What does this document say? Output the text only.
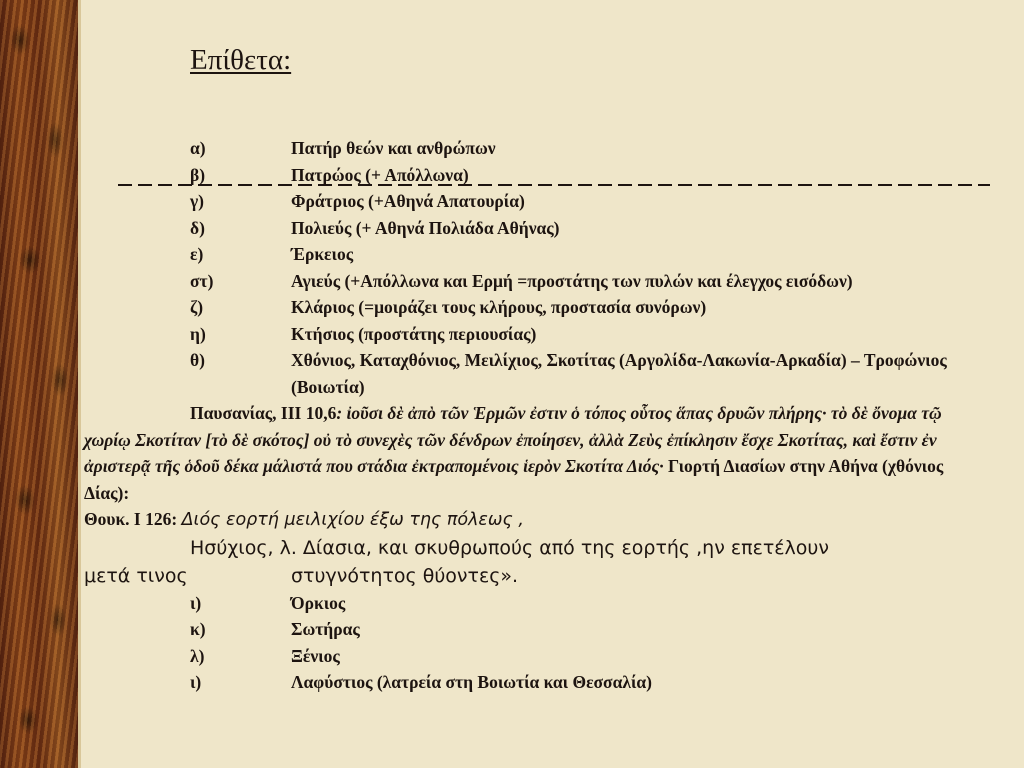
Επίθετα:
α)	Πατήρ θεών και ανθρώπων
β)	Πατρώος (+ Απόλλωνα)
γ)	Φράτριος (+Αθηνά Απατουρία)
δ)	Πολιεύς (+ Αθηνά Πολιάδα Αθήνας)
ε)	Έρκειος
στ)	Αγιεύς (+Απόλλωνα και Ερμή =προστάτης των πυλών και έλεγχος εισόδων)
ζ)	Κλάριος (=μοιράζει τους κλήρους, προστασία συνόρων)
η)	Κτήσιος (προστάτης περιουσίας)
θ)	Χθόνιος, Καταχθόνιος, Μειλίχιος, Σκοτίτας (Αργολίδα-Λακωνία-Αρκαδία) – Τροφώνιος (Βοιωτία)
Παυσανίας, ΙΙΙ 10,6: ἰοῦσι δὲ ἀπὸ τῶν Ἑρμῶν ἐστιν ὁ τόπος οὗτος ἅπας δρυῶν πλήρης· τὸ δὲ ὄνομα τῷ χωρίῳ Σκοτίταν [τὸ δὲ σκότος] οὐ τὸ συνεχὲς τῶν δένδρων ἐποίησεν, ἀλλὰ Ζεὺς ἐπίκλησιν ἔσχε Σκοτίτας, καὶ ἔστιν ἐν ἀριστερᾷ τῆς ὁδοῦ δέκα μάλιστά που στάδια ἐκτραπομένοις ἱερὸν Σκοτίτα Διός· Γιορτή Διασίων στην Αθήνα (χθόνιος Δίας):
Θουκ. Ι 126: Διός εορτή μειλιχίου έξω της πόλεως ,
Ησύχιος, λ. Δίασια, και σκυθρωπούς από της εορτής ,ην επετέλουν
μετά τινος	στυγνότητος θύοντες».
ι)	Όρκιος
κ)	Σωτήρας
λ)	Ξένιος
ι)	Λαφύστιος (λατρεία στη Βοιωτία και Θεσσαλία)
